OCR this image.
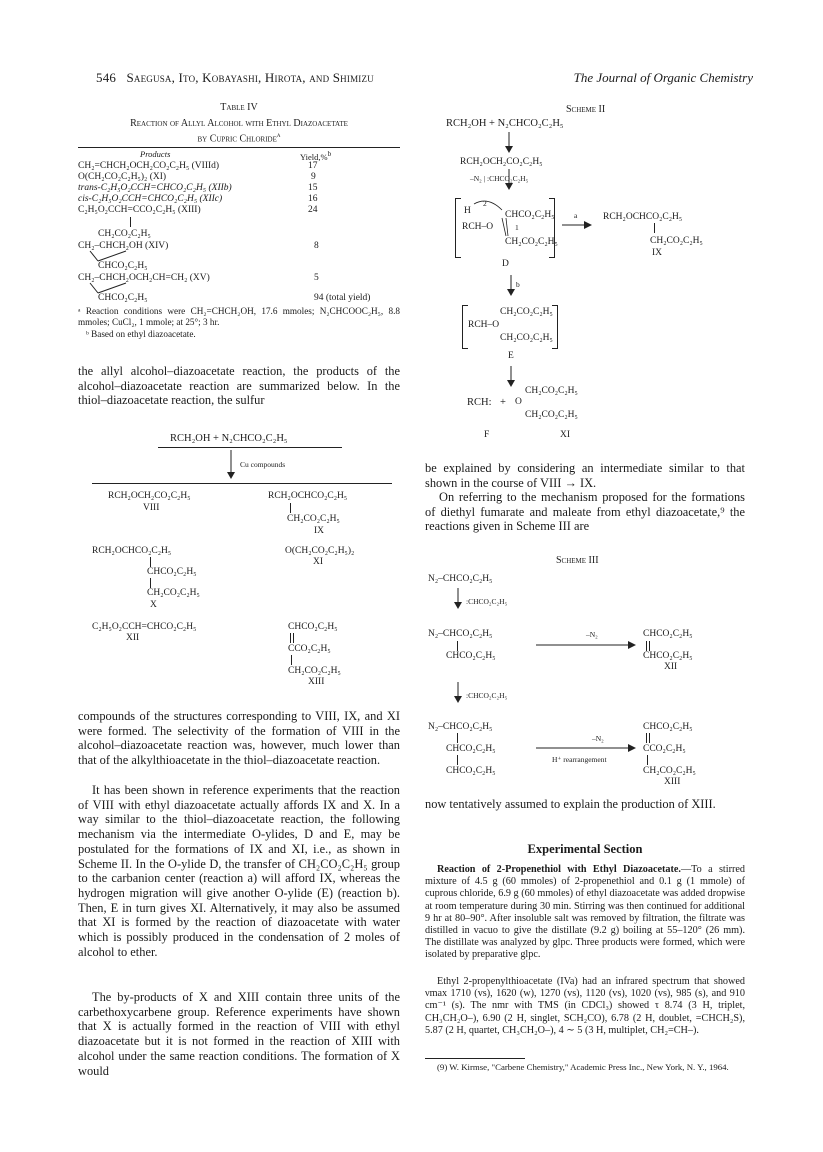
546 Saegusa, Ito, Kobayashi, Hirota, and Shimizu	The Journal of Organic Chemistry
Table IV
Reaction of Allyl Alcohol with Ethyl Diazoacetate
by Cupric Chloride$^a$
Products	Yield,%$^b$
CH₂=CHCH₂OCH₂CO₂C₂H₅ (VIIId)	17
O(CH₂CO₂C₂H₅)₂ (XI)	9
trans-C₂H₅O₂CCH=CHCO₂C₂H₅ (XIIb)	15
cis-C₂H₅O₂CCH=CHCO₂C₂H₅ (XIIc)	16
C₂H₅O₂CCH=CCO₂C₂H₅ (XIII)	24
CH₂CO₂C₂H₅
CH₂–CHCH₂OH (XIV)	8
CHCO₂C₂H₅
CH₂–CHCH₂OCH₂CH=CH₂ (XV)	5
CHCO₂C₂H₅	94 (total yield)
ᵃ Reaction conditions were CH₂=CHCH₂OH, 17.6 mmoles; N₂CHCOOC₂H₅, 8.8 mmoles; CuCl₂, 1 mmole; at 25°; 3 hr.
ᵇ Based on ethyl diazoacetate.
the allyl alcohol–diazoacetate reaction, the products of the alcohol–diazoacetate reaction are summarized below. In the thiol–diazoacetate reaction, the sulfur
RCH₂OH + N₂CHCO₂C₂H₅
Cu compounds
RCH₂OCH₂CO₂C₂H₅
VIII
RCH₂OCHCO₂C₂H₅
CH₂CO₂C₂H₅
IX
RCH₂OCHCO₂C₂H₅
CHCO₂C₂H₅
CH₂CO₂C₂H₅
X
O(CH₂CO₂C₂H₅)₂
XI
C₂H₅O₂CCH=CHCO₂C₂H₅
XII
CHCO₂C₂H₅
CCO₂C₂H₅
CH₂CO₂C₂H₅
XIII
compounds of the structures corresponding to VIII, IX, and XI were formed. The selectivity of the formation of VIII in the alcohol–diazoacetate reaction was, however, much lower than that of the alkylthioacetate in the thiol–diazoacetate reaction.
It has been shown in reference experiments that the reaction of VIII with ethyl diazoacetate actually affords IX and X. In a way similar to the thiol–diazoacetate reaction, the following mechanism via the intermediate O-ylides, D and E, may be postulated for the formations of IX and XI, i.e., as shown in Scheme II. In the O-ylide D, the transfer of CH₂CO₂C₂H₅ group to the carbanion center (reaction a) will afford IX, whereas the hydrogen migration will give another O-ylide (E) (reaction b). Then, E in turn gives XI. Alternatively, it may also be assumed that XI is formed by the reaction of diazoacetate with water which is possibly produced in the condensation of 2 moles of alcohol to ether.
The by-products of X and XIII contain three units of the carbethoxycarbene group. Reference experiments have shown that X is actually formed in the reaction of VIII with ethyl diazoacetate but it is not formed in the reaction of XIII with alcohol under the same reaction conditions. The formation of X would
Scheme II
RCH₂OH + N₂CHCO₂C₂H₅
RCH₂OCH₂CO₂C₂H₅
–N₂ | :CHCO₂C₂H₅
H
2
CHCO₂C₂H₅
RCH–O	1
CH₂CO₂C₂H₅
D
a	RCH₂OCHCO₂C₂H₅
CH₂CO₂C₂H₅
IX
b
CH₂CO₂C₂H₅
RCH–O
CH₂CO₂C₂H₅
E
RCH: +
CH₂CO₂C₂H₅
O
CH₂CO₂C₂H₅
F	XI
be explained by considering an intermediate similar to that shown in the course of VIII → IX.
On referring to the mechanism proposed for the formations of diethyl fumarate and maleate from ethyl diazoacetate,⁹ the reactions given in Scheme III are
Scheme III
N₂–CHCO₂C₂H₅
:CHCO₂C₂H₅
N₂–CHCO₂C₂H₅
CHCO₂C₂H₅
–N₂	CHCO₂C₂H₅
CHCO₂C₂H₅
XII
:CHCO₂C₂H₅
N₂–CHCO₂C₂H₅
CHCO₂C₂H₅
CHCO₂C₂H₅
–N₂
H⁺ rearrangement
CHCO₂C₂H₅
CCO₂C₂H₅
CH₂CO₂C₂H₅
XIII
now tentatively assumed to explain the production of XIII.
Experimental Section

Reaction of 2-Propenethiol with Ethyl Diazoacetate.—To a stirred mixture of 4.5 g (60 mmoles) of 2-propenethiol and 0.1 g (1 mmole) of cuprous chloride, 6.9 g (60 mmoles) of ethyl diazoacetate was added dropwise at room temperature during 30 min. Stirring was then continued for additional 9 hr at 80–90°. After insoluble salt was removed by filtration, the filtrate was distilled in vacuo to give the distillate (9.2 g) boiling at 55–120° (26 mm). The distillate was analyzed by glpc. Three products were formed, which were isolated by preparative glpc.

Ethyl 2-propenylthioacetate (IVa) had an infrared spectrum that showed νmax 1710 (vs), 1620 (w), 1270 (vs), 1120 (vs), 1020 (vs), 985 (s), and 910 cm⁻¹ (s). The nmr with TMS (in CDCl₃) showed τ 8.74 (3 H, triplet, CH₃CH₂O–), 6.90 (2 H, singlet, SCH₂CO), 6.78 (2 H, doublet, =CHCH₂S), 5.87 (2 H, quartet, CH₃CH₂O–), 4 ∼ 5 (3 H, multiplet, CH₂=CH–).
(9) W. Kirmse, "Carbene Chemistry," Academic Press Inc., New York, N. Y., 1964.
